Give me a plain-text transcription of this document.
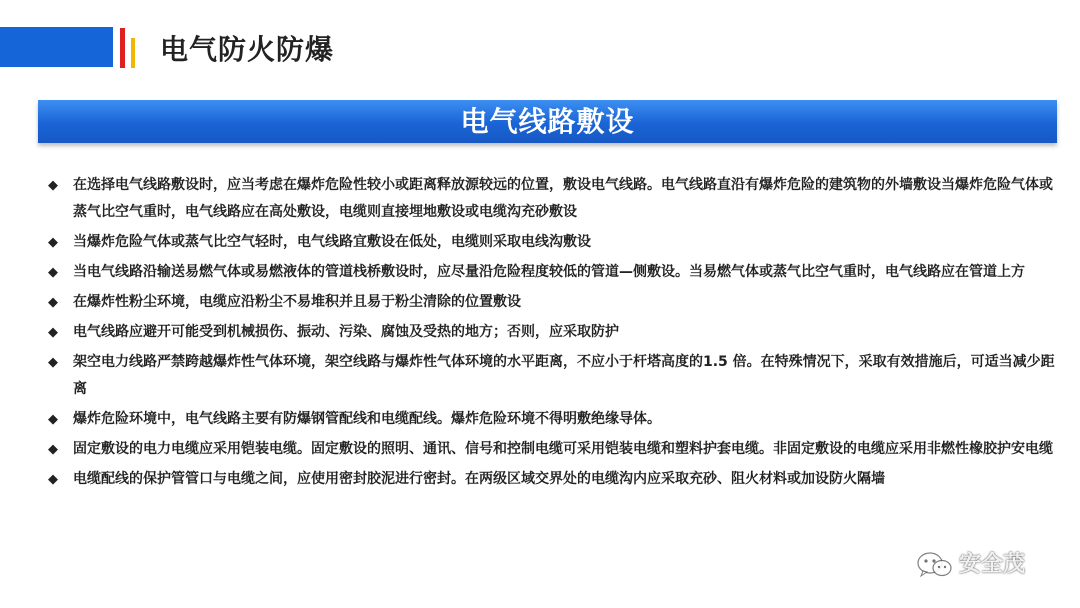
电气防火防爆
电气线路敷设
◆ 在选择电气线路敷设时，应当考虑在爆炸危险性较小或距离释放源较远的位置，敷设电气线路。电气线路直沿有爆炸危险的建筑物的外墙敷设当爆炸危险气体或蒸气比空气重时，电气线路应在高处敷设，电缆则直接埋地敷设或电缆沟充砂敷设
◆ 当爆炸危险气体或蒸气比空气轻时，电气线路宜敷设在低处，电缆则采取电线沟敷设
◆ 当电气线路沿输送易燃气体或易燃液体的管道栈桥敷设时，应尽量沿危险程度较低的管道—侧敷设。当易燃气体或蒸气比空气重时，电气线路应在管道上方
◆ 在爆炸性粉尘环境，电缆应沿粉尘不易堆积并且易于粉尘清除的位置敷设
◆ 电气线路应避开可能受到机械损伤、振动、污染、腐蚀及受热的地方；否则，应采取防护
◆ 架空电力线路严禁跨越爆炸性气体环境，架空线路与爆炸性气体环境的水平距离，不应小于杆塔高度的1.5 倍。在特殊情况下，采取有效措施后，可适当减少距离
◆ 爆炸危险环境中，电气线路主要有防爆钢管配线和电缆配线。爆炸危险环境不得明敷绝缘导体。
◆ 固定敷设的电力电缆应采用铠装电缆。固定敷设的照明、通讯、信号和控制电缆可采用铠装电缆和塑料护套电缆。非固定敷设的电缆应采用非燃性橡胶护安电缆
◆ 电缆配线的保护管管口与电缆之间，应使用密封胶泥进行密封。在两级区域交界处的电缆沟内应采取充砂、阻火材料或加设防火隔墙
安全茂
